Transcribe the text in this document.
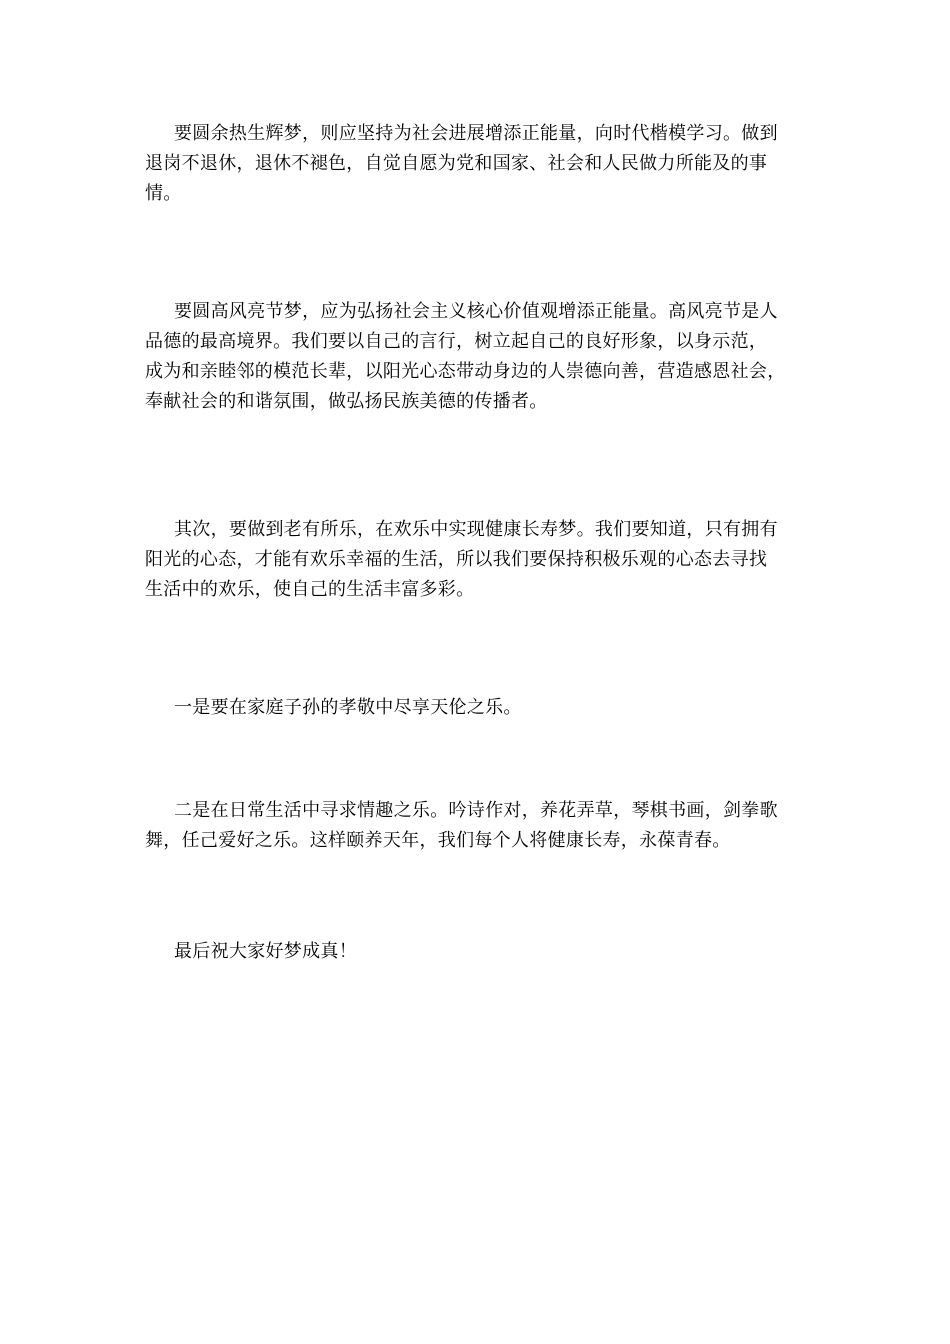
要圆余热生辉梦，则应坚持为社会进展增添正能量，向时代楷模学习。做到
退岗不退休，退休不褪色，自觉自愿为党和国家、社会和人民做力所能及的事
情。

要圆高风亮节梦，应为弘扬社会主义核心价值观增添正能量。高风亮节是人
品德的最高境界。我们要以自己的言行，树立起自己的良好形象，以身示范，
成为和亲睦邻的模范长辈，以阳光心态带动身边的人崇德向善，营造感恩社会，
奉献社会的和谐氛围，做弘扬民族美德的传播者。

其次，要做到老有所乐，在欢乐中实现健康长寿梦。我们要知道，只有拥有
阳光的心态，才能有欢乐幸福的生活，所以我们要保持积极乐观的心态去寻找
生活中的欢乐，使自己的生活丰富多彩。

一是要在家庭子孙的孝敬中尽享天伦之乐。

二是在日常生活中寻求情趣之乐。吟诗作对，养花弄草，琴棋书画，剑拳歌
舞，任己爱好之乐。这样颐养天年，我们每个人将健康长寿，永葆青春。

最后祝大家好梦成真！
